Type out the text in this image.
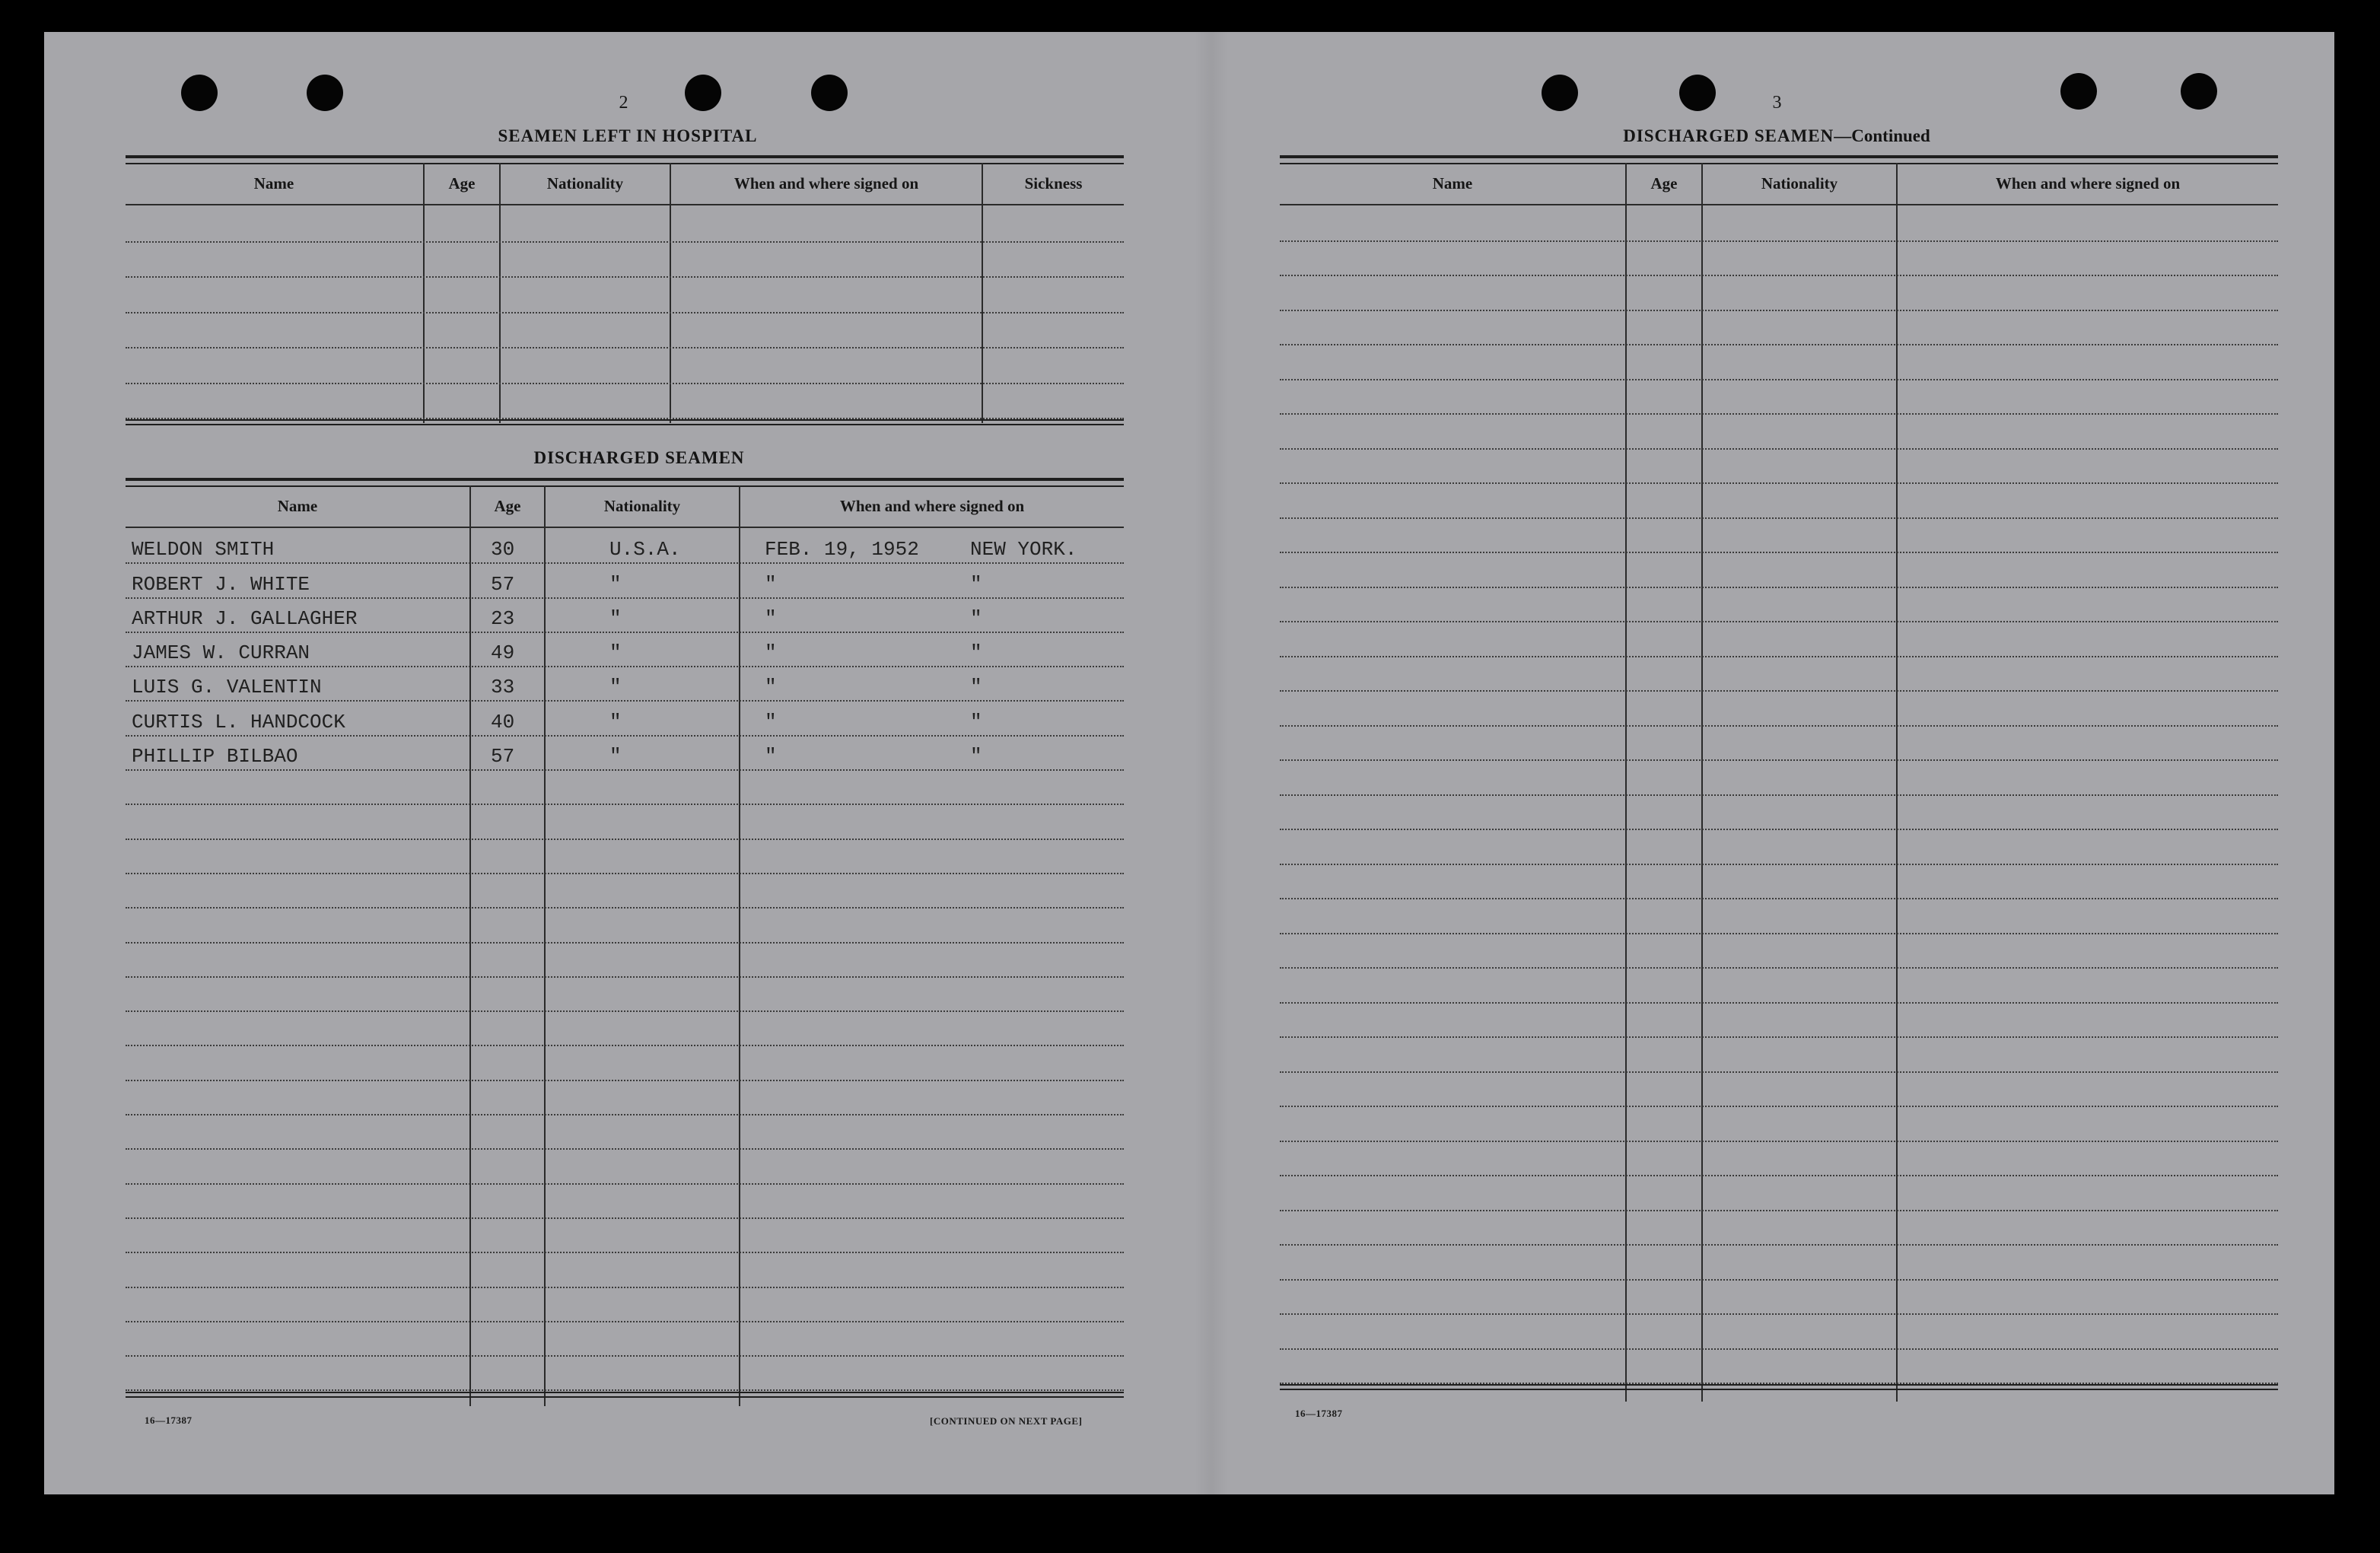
2
SEAMEN LEFT IN HOSPITAL
Name	Age	Nationality	When and where signed on	Sickness
DISCHARGED SEAMEN
Name	Age	Nationality	When and where signed on
WELDON SMITH	30	U.S.A.	FEB. 19, 1952	NEW YORK.
ROBERT J. WHITE	57	"	"	"
ARTHUR J. GALLAGHER	23	"	"	"
JAMES W. CURRAN	49	"	"	"
LUIS G. VALENTIN	33	"	"	"
CURTIS L. HANDCOCK	40	"	"	"
PHILLIP BILBAO	57	"	"	"
16—17387	[CONTINUED ON NEXT PAGE]
3
DISCHARGED SEAMEN—Continued
Name	Age	Nationality	When and where signed on
16—17387
